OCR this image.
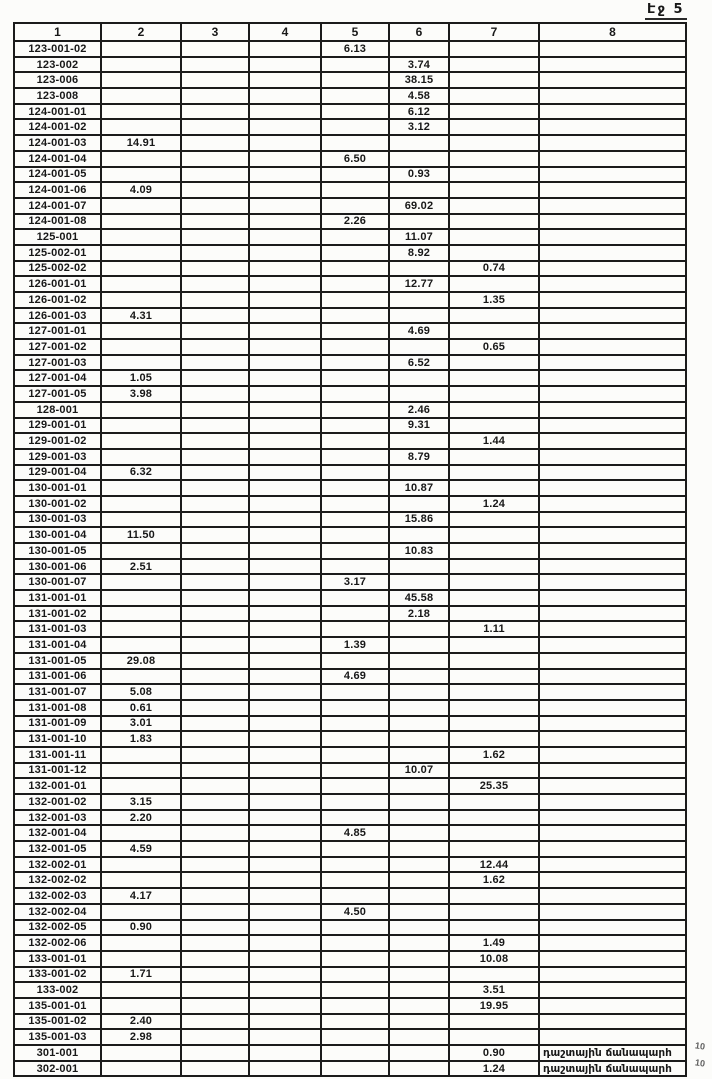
Էջ 5
1	2	3	4	5	6	7	8
123-001-02				6.13			
123-002					3.74		
123-006					38.15		
123-008					4.58		
124-001-01					6.12		
124-001-02					3.12		
124-001-03	14.91						
124-001-04				6.50			
124-001-05					0.93		
124-001-06	4.09						
124-001-07					69.02		
124-001-08				2.26			
125-001					11.07		
125-002-01					8.92		
125-002-02						0.74	
126-001-01					12.77		
126-001-02						1.35	
126-001-03	4.31						
127-001-01					4.69		
127-001-02						0.65	
127-001-03					6.52		
127-001-04	1.05						
127-001-05	3.98						
128-001					2.46		
129-001-01					9.31		
129-001-02						1.44	
129-001-03					8.79		
129-001-04	6.32						
130-001-01					10.87		
130-001-02						1.24	
130-001-03					15.86		
130-001-04	11.50						
130-001-05					10.83		
130-001-06	2.51						
130-001-07				3.17			
131-001-01					45.58		
131-001-02					2.18		
131-001-03						1.11	
131-001-04				1.39			
131-001-05	29.08						
131-001-06				4.69			
131-001-07	5.08						
131-001-08	0.61						
131-001-09	3.01						
131-001-10	1.83						
131-001-11						1.62	
131-001-12					10.07		
132-001-01						25.35	
132-001-02	3.15						
132-001-03	2.20						
132-001-04				4.85			
132-001-05	4.59						
132-002-01						12.44	
132-002-02						1.62	
132-002-03	4.17						
132-002-04				4.50			
132-002-05	0.90						
132-002-06						1.49	
133-001-01						10.08	
133-001-02	1.71						
133-002						3.51	
135-001-01						19.95	
135-001-02	2.40						
135-001-03	2.98						
301-001						0.90	դաշտային ճանապարհ
302-001						1.24	դաշտային ճանապարհ
10
10
